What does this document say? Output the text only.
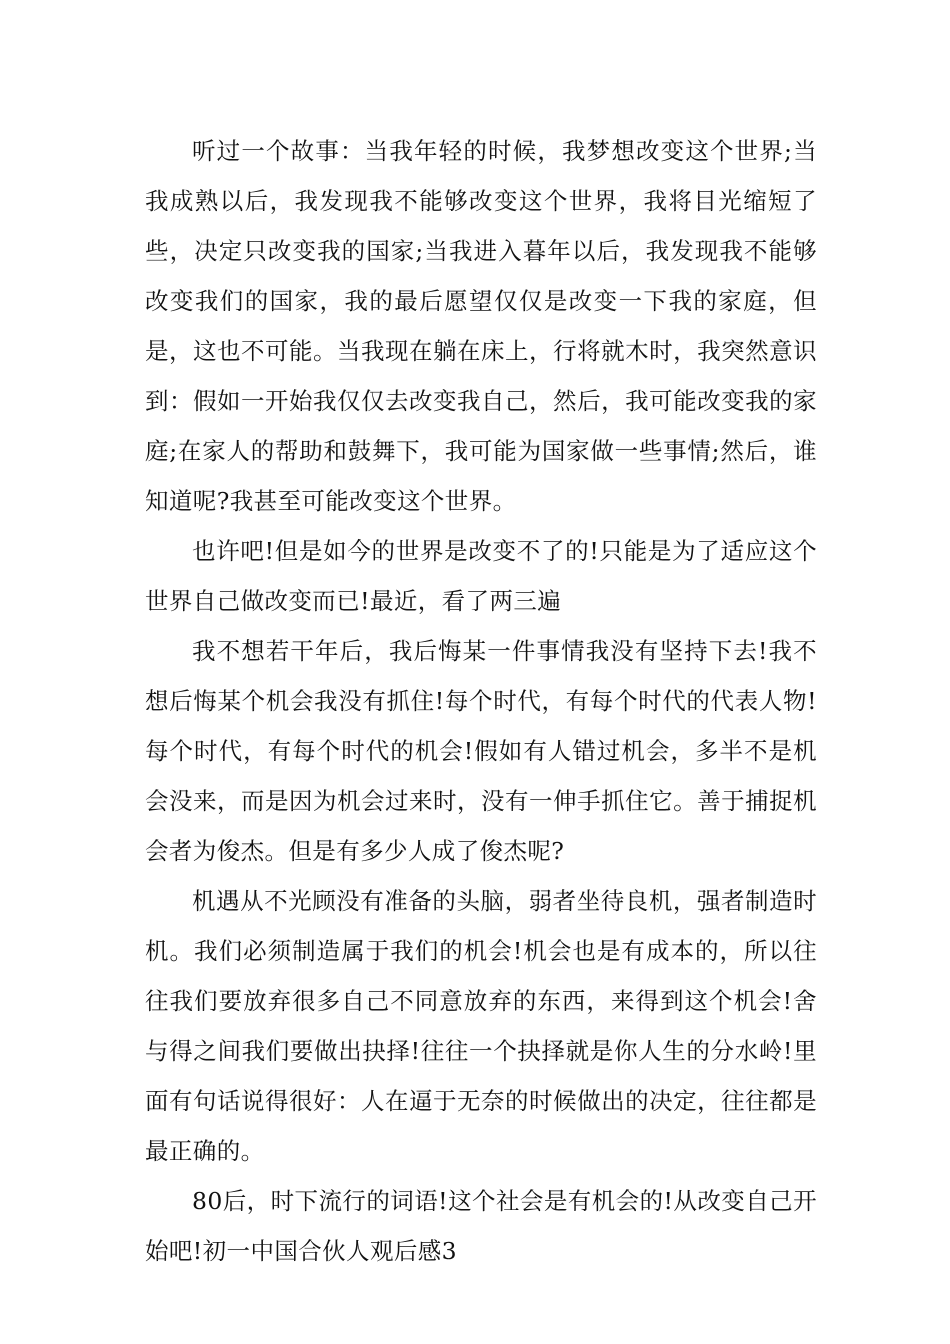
听过一个故事：当我年轻的时候，我梦想改变这个世界;当我成熟以后，我发现我不能够改变这个世界，我将目光缩短了些，决定只改变我的国家;当我进入暮年以后，我发现我不能够改变我们的国家，我的最后愿望仅仅是改变一下我的家庭，但是，这也不可能。当我现在躺在床上，行将就木时，我突然意识到：假如一开始我仅仅去改变我自己，然后，我可能改变我的家庭;在家人的帮助和鼓舞下，我可能为国家做一些事情;然后，谁知道呢?我甚至可能改变这个世界。

也许吧!但是如今的世界是改变不了的!只能是为了适应这个世界自己做改变而已!最近，看了两三遍

我不想若干年后，我后悔某一件事情我没有坚持下去!我不想后悔某个机会我没有抓住!每个时代，有每个时代的代表人物!每个时代，有每个时代的机会!假如有人错过机会，多半不是机会没来，而是因为机会过来时，没有一伸手抓住它。善于捕捉机会者为俊杰。但是有多少人成了俊杰呢?

机遇从不光顾没有准备的头脑，弱者坐待良机，强者制造时机。我们必须制造属于我们的机会!机会也是有成本的，所以往往我们要放弃很多自己不同意放弃的东西，来得到这个机会!舍与得之间我们要做出抉择!往往一个抉择就是你人生的分水岭!里面有句话说得很好：人在逼于无奈的时候做出的决定，往往都是最正确的。

80后，时下流行的词语!这个社会是有机会的!从改变自己开始吧!初一中国合伙人观后感3
